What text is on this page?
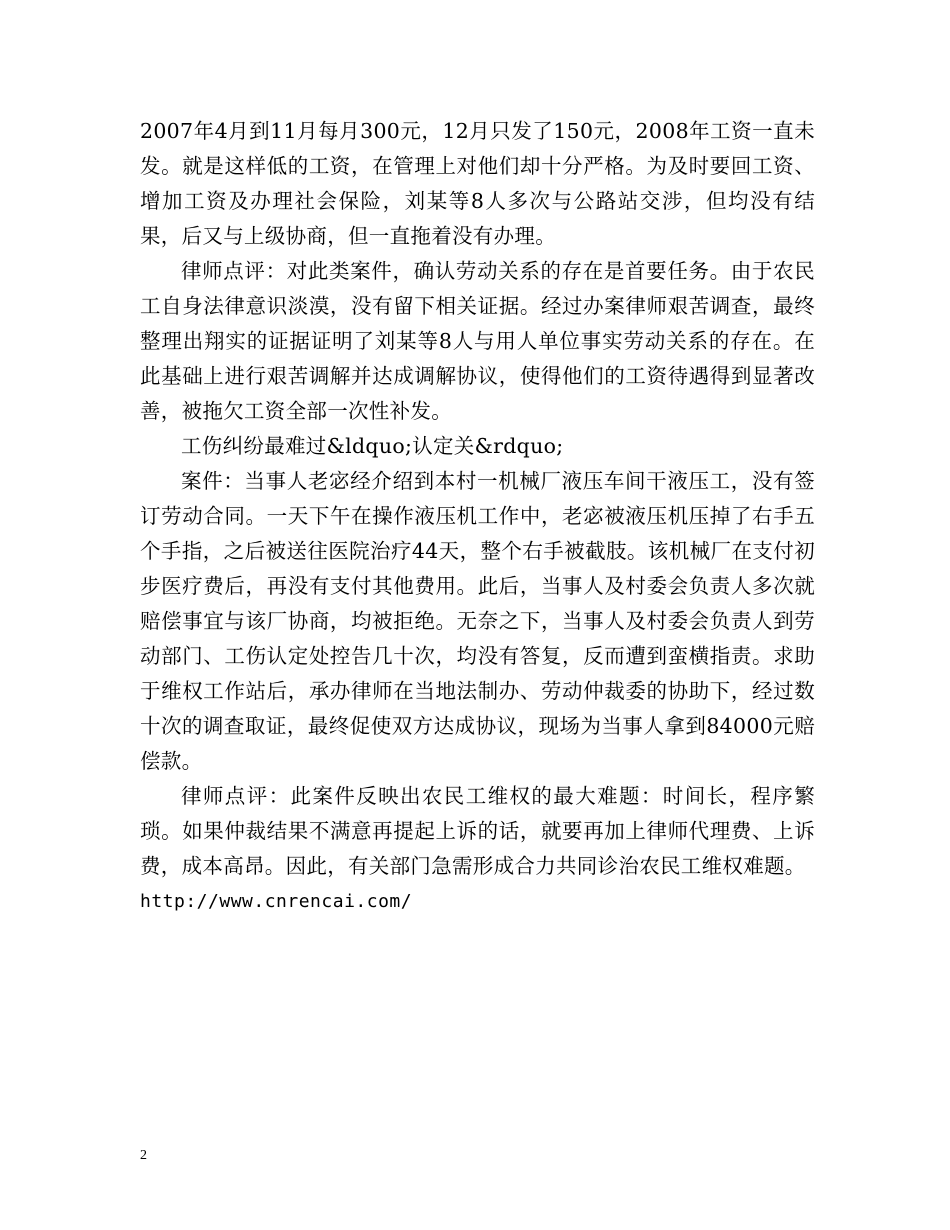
2007年4月到11月每月300元，12月只发了150元，2008年工资一直未发。就是这样低的工资，在管理上对他们却十分严格。为及时要回工资、增加工资及办理社会保险，刘某等8人多次与公路站交涉，但均没有结果，后又与上级协商，但一直拖着没有办理。

律师点评：对此类案件，确认劳动关系的存在是首要任务。由于农民工自身法律意识淡漠，没有留下相关证据。经过办案律师艰苦调查，最终整理出翔实的证据证明了刘某等8人与用人单位事实劳动关系的存在。在此基础上进行艰苦调解并达成调解协议，使得他们的工资待遇得到显著改善，被拖欠工资全部一次性补发。

工伤纠纷最难过&ldquo;认定关&rdquo;

案件：当事人老宓经介绍到本村一机械厂液压车间干液压工，没有签订劳动合同。一天下午在操作液压机工作中，老宓被液压机压掉了右手五个手指，之后被送往医院治疗44天，整个右手被截肢。该机械厂在支付初步医疗费后，再没有支付其他费用。此后，当事人及村委会负责人多次就赔偿事宜与该厂协商，均被拒绝。无奈之下，当事人及村委会负责人到劳动部门、工伤认定处控告几十次，均没有答复，反而遭到蛮横指责。求助于维权工作站后，承办律师在当地法制办、劳动仲裁委的协助下，经过数十次的调查取证，最终促使双方达成协议，现场为当事人拿到84000元赔偿款。

律师点评：此案件反映出农民工维权的最大难题：时间长，程序繁琐。如果仲裁结果不满意再提起上诉的话，就要再加上律师代理费、上诉费，成本高昂。因此，有关部门急需形成合力共同诊治农民工维权难题。

http://www.cnrencai.com/

2
